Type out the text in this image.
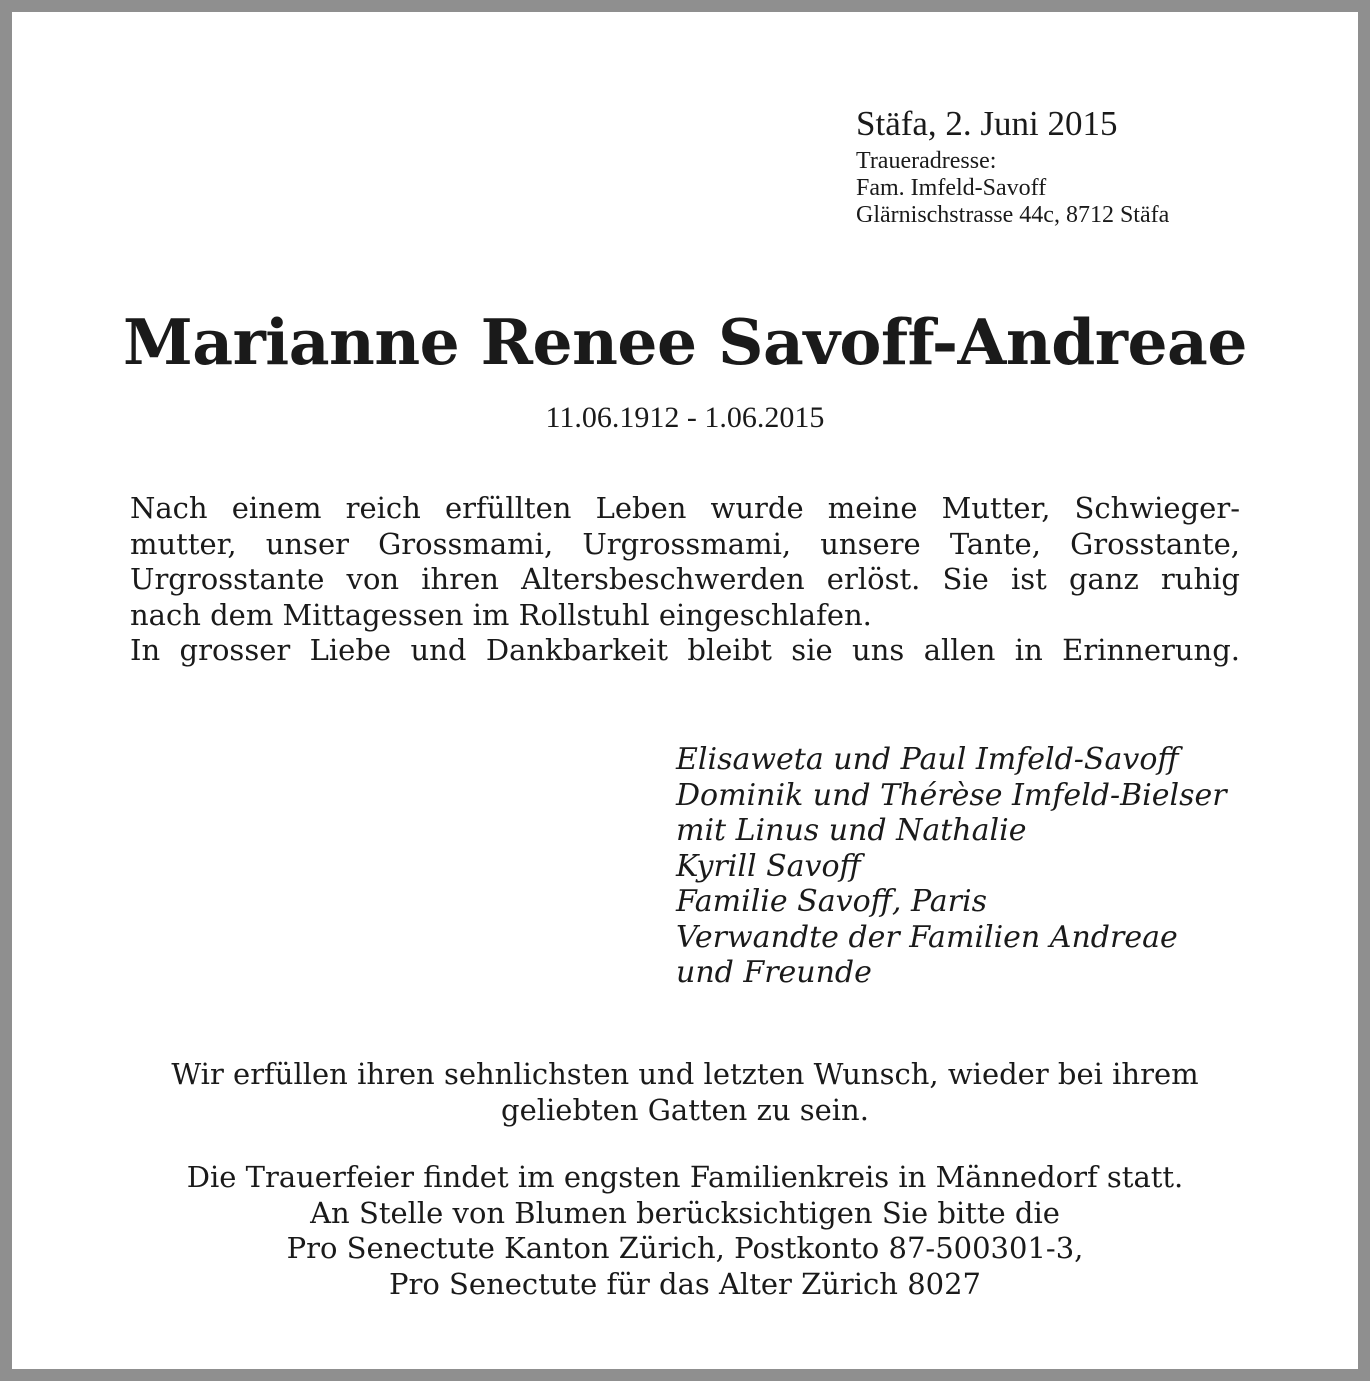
Stäfa, 2. Juni 2015
Traueradresse:
Fam. Imfeld-Savoff
Glärnischstrasse 44c, 8712 Stäfa
Marianne Renee Savoff-Andreae
11.06.1912 - 1.06.2015
Nach einem reich erfüllten Leben wurde meine Mutter, Schwieger-
mutter, unser Grossmami, Urgrossmami, unsere Tante, Grosstante,
Urgrosstante von ihren Altersbeschwerden erlöst. Sie ist ganz ruhig
nach dem Mittagessen im Rollstuhl eingeschlafen.
In grosser Liebe und Dankbarkeit bleibt sie uns allen in Erinnerung.
Elisaweta und Paul Imfeld-Savoff
Dominik und Thérèse Imfeld-Bielser
mit Linus und Nathalie
Kyrill Savoff
Familie Savoff, Paris
Verwandte der Familien Andreae
und Freunde
Wir erfüllen ihren sehnlichsten und letzten Wunsch, wieder bei ihrem
geliebten Gatten zu sein.
Die Trauerfeier findet im engsten Familienkreis in Männedorf statt.
An Stelle von Blumen berücksichtigen Sie bitte die
Pro Senectute Kanton Zürich, Postkonto 87-500301-3,
Pro Senectute für das Alter Zürich 8027
